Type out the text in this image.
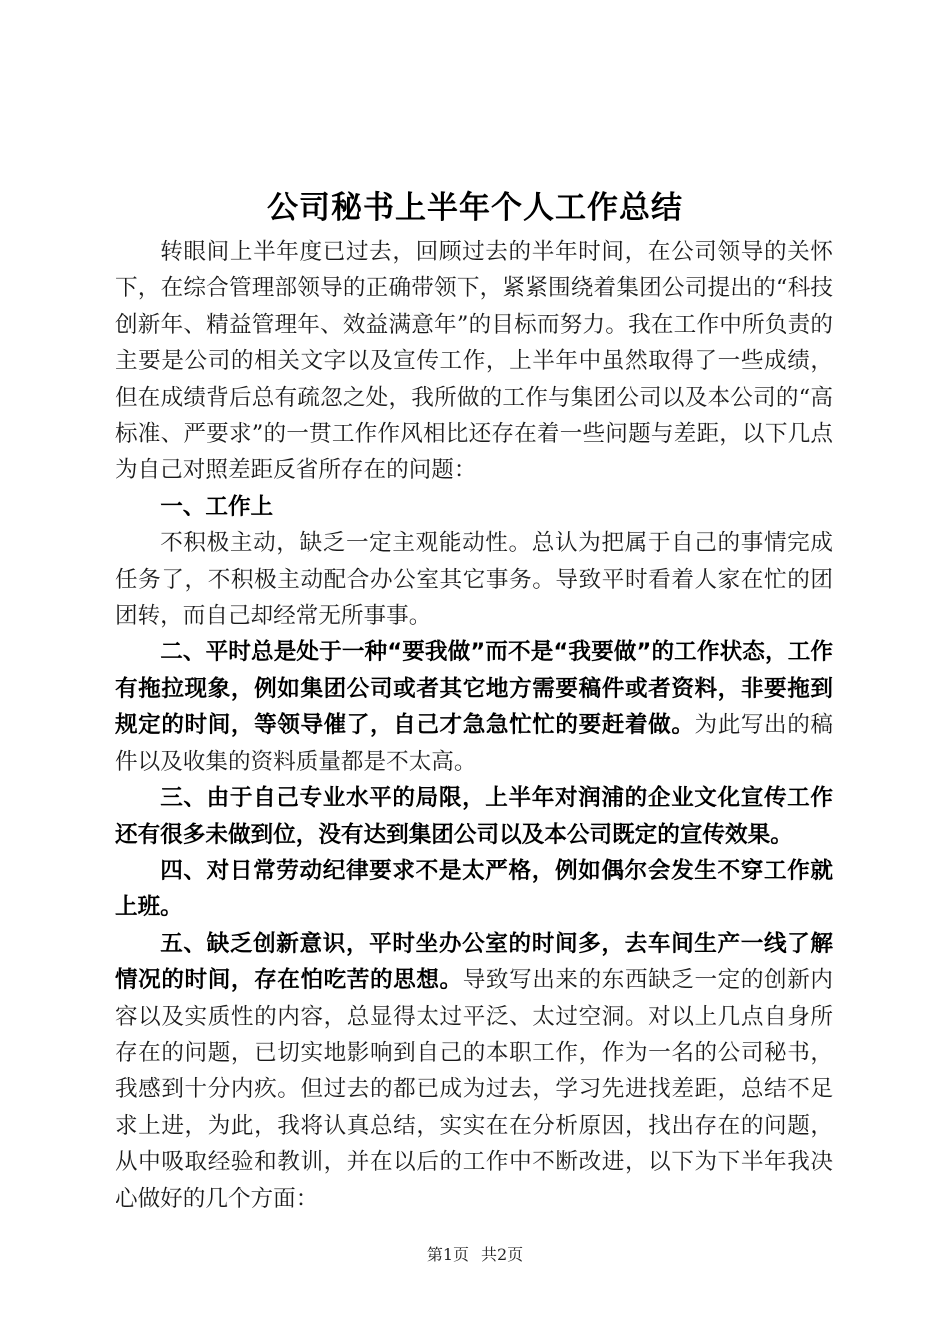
公司秘书上半年个人工作总结

转眼间上半年度已过去，回顾过去的半年时间，在公司领导的关怀下，在综合管理部领导的正确带领下，紧紧围绕着集团公司提出的“科技创新年、精益管理年、效益满意年”的目标而努力。我在工作中所负责的主要是公司的相关文字以及宣传工作，上半年中虽然取得了一些成绩，但在成绩背后总有疏忽之处，我所做的工作与集团公司以及本公司的“高标准、严要求”的一贯工作作风相比还存在着一些问题与差距，以下几点为自己对照差距反省所存在的问题：

一、工作上

不积极主动，缺乏一定主观能动性。总认为把属于自己的事情完成任务了，不积极主动配合办公室其它事务。导致平时看着人家在忙的团团转，而自己却经常无所事事。

二、平时总是处于一种“要我做”而不是“我要做”的工作状态，工作有拖拉现象，例如集团公司或者其它地方需要稿件或者资料，非要拖到规定的时间，等领导催了，自己才急急忙忙的要赶着做。为此写出的稿件以及收集的资料质量都是不太高。

三、由于自己专业水平的局限，上半年对润浦的企业文化宣传工作还有很多未做到位，没有达到集团公司以及本公司既定的宣传效果。

四、对日常劳动纪律要求不是太严格，例如偶尔会发生不穿工作就上班。

五、缺乏创新意识，平时坐办公室的时间多，去车间生产一线了解情况的时间，存在怕吃苦的思想。导致写出来的东西缺乏一定的创新内容以及实质性的内容，总显得太过平泛、太过空洞。对以上几点自身所存在的问题，已切实地影响到自己的本职工作，作为一名的公司秘书，我感到十分内疚。但过去的都已成为过去，学习先进找差距，总结不足求上进，为此，我将认真总结，实实在在分析原因，找出存在的问题，从中吸取经验和教训，并在以后的工作中不断改进，以下为下半年我决心做好的几个方面：

第1页 共2页
